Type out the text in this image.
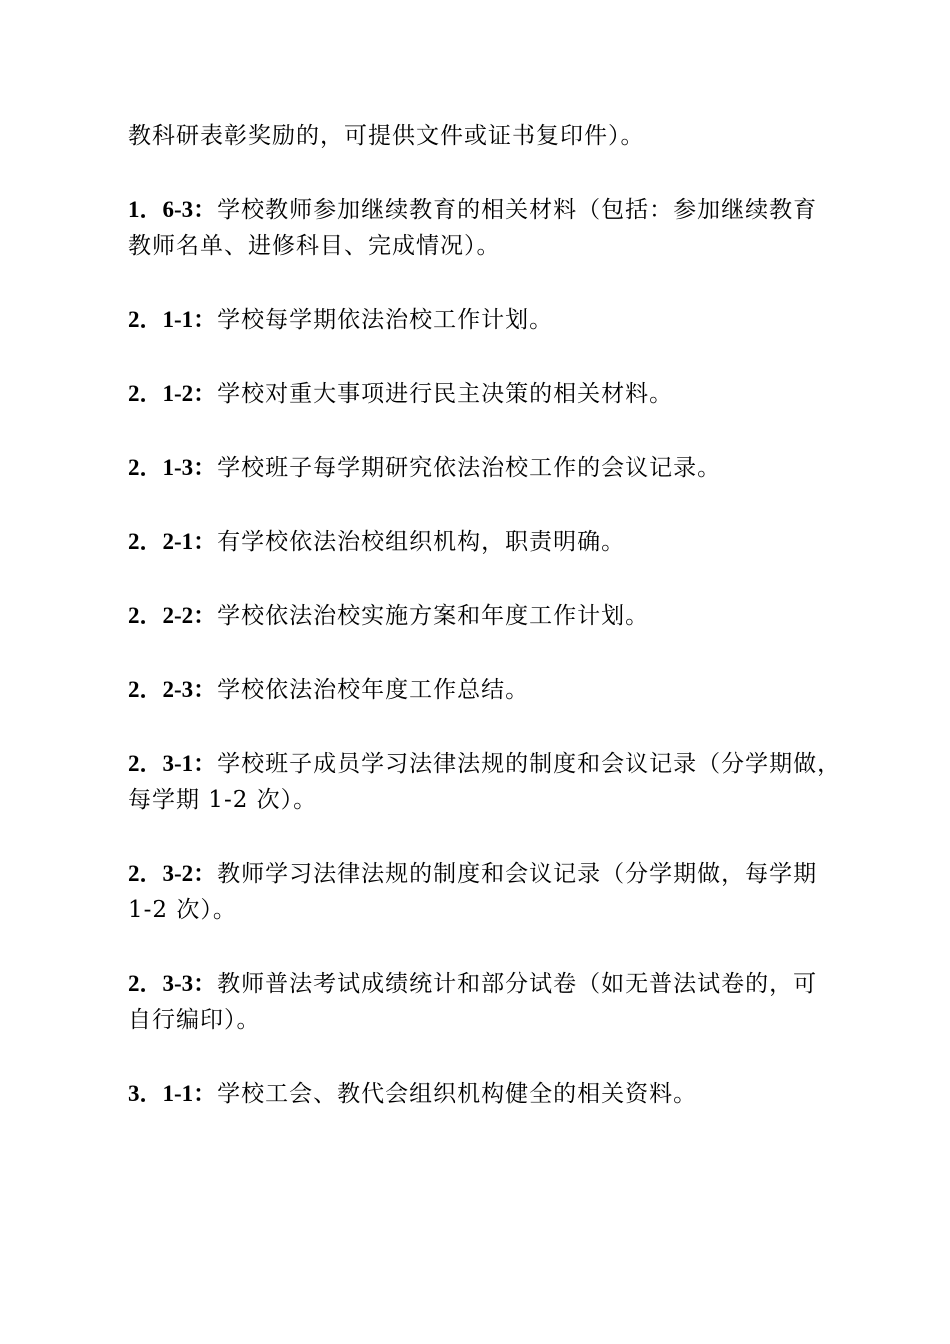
教科研表彰奖励的，可提供文件或证书复印件）。
1．6-3：学校教师参加继续教育的相关材料（包括：参加继续教育
教师名单、进修科目、完成情况）。
2．1-1：学校每学期依法治校工作计划。
2．1-2：学校对重大事项进行民主决策的相关材料。
2．1-3：学校班子每学期研究依法治校工作的会议记录。
2．2-1：有学校依法治校组织机构，职责明确。
2．2-2：学校依法治校实施方案和年度工作计划。
2．2-3：学校依法治校年度工作总结。
2．3-1：学校班子成员学习法律法规的制度和会议记录（分学期做，
每学期 1-2 次）。
2．3-2：教师学习法律法规的制度和会议记录（分学期做，每学期
1-2 次）。
2．3-3：教师普法考试成绩统计和部分试卷（如无普法试卷的，可
自行编印）。
3．1-1：学校工会、教代会组织机构健全的相关资料。
